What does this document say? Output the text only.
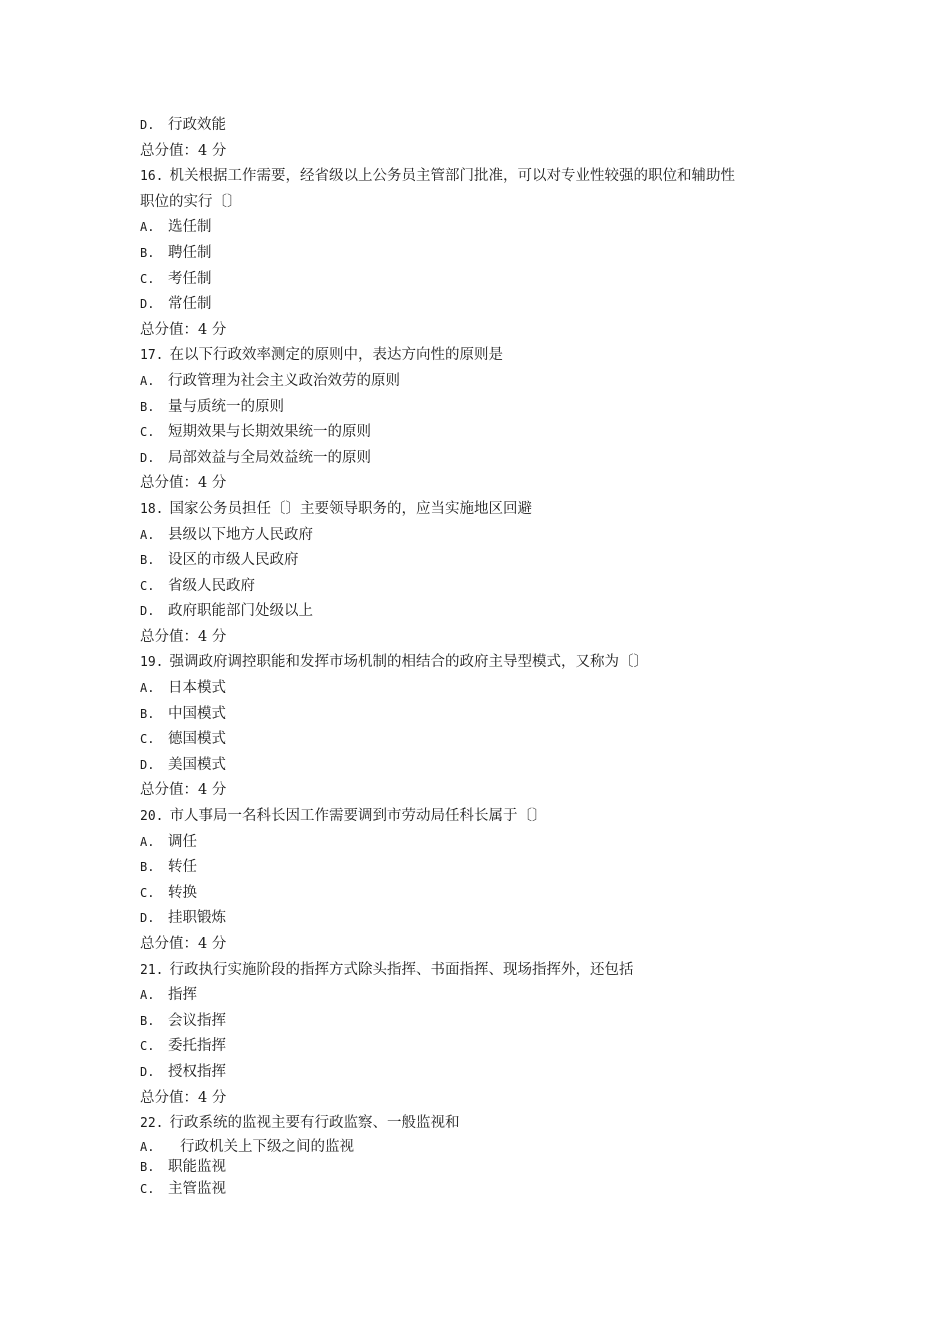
D. 行政效能
总分值：4 分
16. 机关根据工作需要，经省级以上公务员主管部门批准，可以对专业性较强的职位和辅助性
职位的实行〔〕
A. 选任制
B. 聘任制
C. 考任制
D. 常任制
总分值：4 分
17. 在以下行政效率测定的原则中，表达方向性的原则是
A. 行政管理为社会主义政治效劳的原则
B. 量与质统一的原则
C. 短期效果与长期效果统一的原则
D. 局部效益与全局效益统一的原则
总分值：4 分
18. 国家公务员担任〔〕主要领导职务的，应当实施地区回避
A. 县级以下地方人民政府
B. 设区的市级人民政府
C. 省级人民政府
D. 政府职能部门处级以上
总分值：4 分
19. 强调政府调控职能和发挥市场机制的相结合的政府主导型模式，又称为〔〕
A. 日本模式
B. 中国模式
C. 德国模式
D. 美国模式
总分值：4 分
20. 市人事局一名科长因工作需要调到市劳动局任科长属于〔〕
A. 调任
B. 转任
C. 转换
D. 挂职锻炼
总分值：4 分
21. 行政执行实施阶段的指挥方式除头指挥、书面指挥、现场指挥外，还包括
A. 指挥
B. 会议指挥
C. 委托指挥
D. 授权指挥
总分值：4 分
22. 行政系统的监视主要有行政监察、一般监视和
A. 行政机关上下级之间的监视
B. 职能监视
C. 主管监视
